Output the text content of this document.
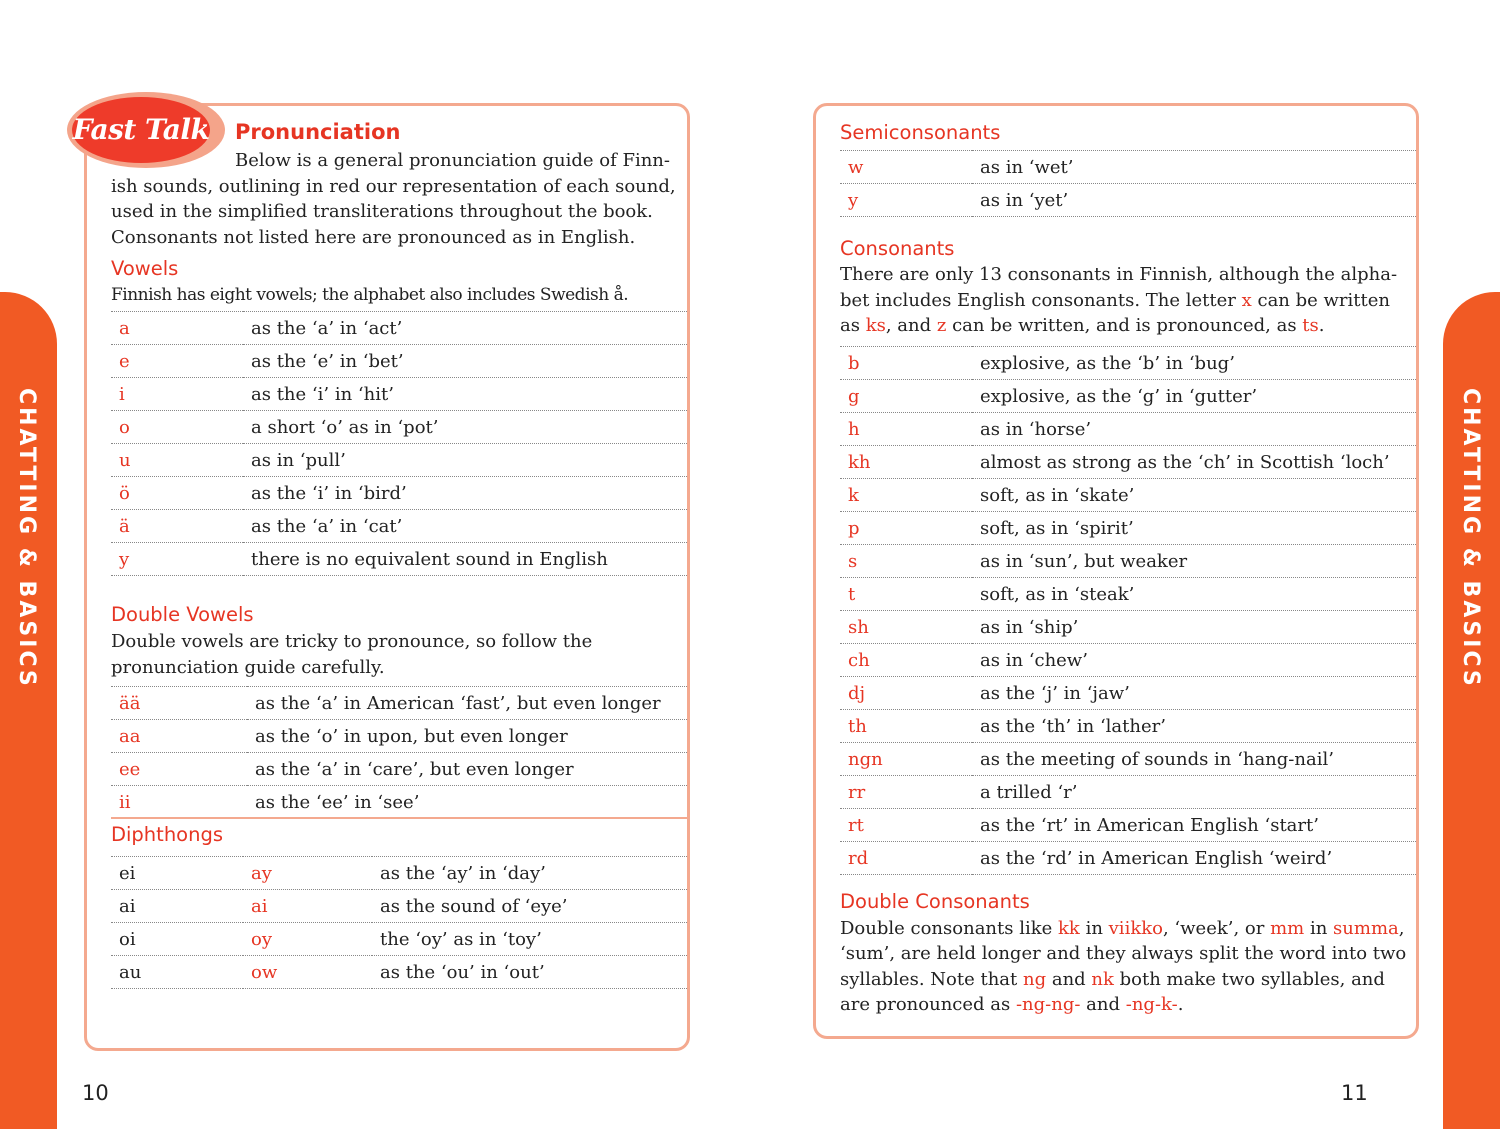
CHATTING & BASICS	CHATTING & BASICS
10	11
Fast Talk Pronunciation

Below is a general pronunciation guide of Finn-

ish sounds, outlining in red our representation of each sound,

used in the simplified transliterations throughout the book.

Consonants not listed here are pronounced as in English.

Vowels

Finnish has eight vowels; the alphabet also includes Swedish å.

a	as the ‘a’ in ‘act’
e	as the ‘e’ in ‘bet’
i	as the ‘i’ in ‘hit’
o	a short ‘o’ as in ‘pot’
u	as in ‘pull’
ö	as the ‘i’ in ‘bird’
ä	as the ‘a’ in ‘cat’
y	there is no equivalent sound in English
Double Vowels

Double vowels are tricky to pronounce, so follow the

pronunciation guide carefully.

ää	as the ‘a’ in American ‘fast’, but even longer
aa	as the ‘o’ in upon, but even longer
ee	as the ‘a’ in ‘care’, but even longer
ii	as the ‘ee’ in ‘see’
Diphthongs
ei	ay	as the ‘ay’ in ‘day’
ai	ai	as the sound of ‘eye’
oi	oy	the ‘oy’ as in ‘toy’
au	ow	as the ‘ou’ in ‘out’
Semiconsonants
w	as in ‘wet’
y	as in ‘yet’
Consonants

There are only 13 consonants in Finnish, although the alpha-

bet includes English consonants. The letter x can be written

as ks, and z can be written, and is pronounced, as ts.

b	explosive, as the ‘b’ in ‘bug’
g	explosive, as the ‘g’ in ‘gutter’
h	as in ‘horse’
kh	almost as strong as the ‘ch’ in Scottish ‘loch’
k	soft, as in ‘skate’
p	soft, as in ‘spirit’
s	as in ‘sun’, but weaker
t	soft, as in ‘steak’
sh	as in ‘ship’
ch	as in ‘chew’
dj	as the ‘j’ in ‘jaw’
th	as the ‘th’ in ‘lather’
ngn	as the meeting of sounds in ‘hang-nail’
rr	a trilled ‘r’
rt	as the ‘rt’ in American English ‘start’
rd	as the ‘rd’ in American English ‘weird’
Double Consonants

Double consonants like kk in viikko, ‘week’, or mm in summa,

‘sum’, are held longer and they always split the word into two

syllables. Note that ng and nk both make two syllables, and

are pronounced as -ng-ng- and -ng-k-.
